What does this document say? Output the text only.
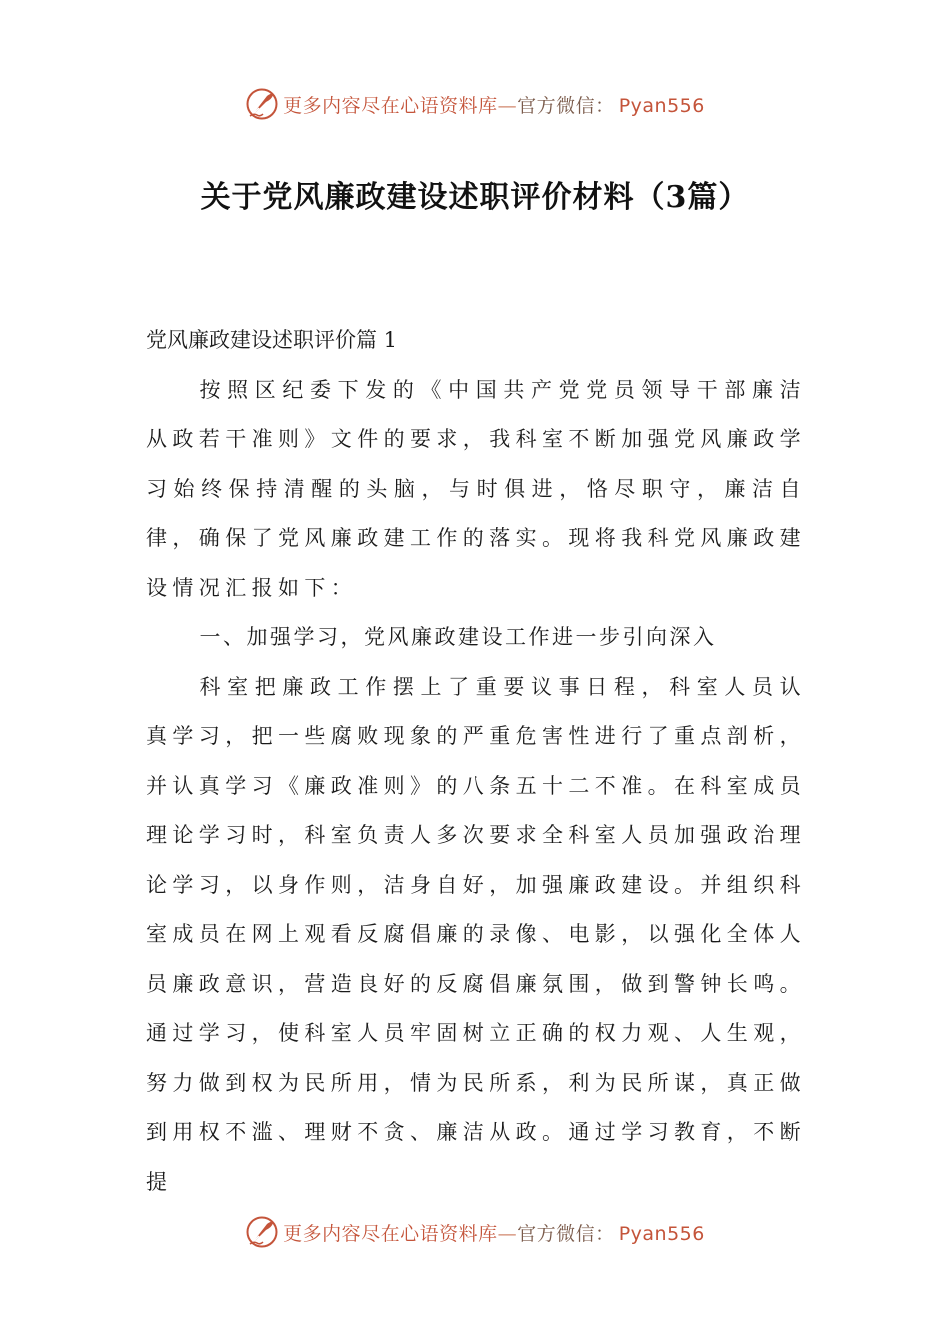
更多内容尽在心语资料库—官方微信： Pyan556
关于党风廉政建设述职评价材料（3篇）

党风廉政建设述职评价篇 1

按照区纪委下发的《中国共产党党员领导干部廉洁从政若干准则》文件的要求，我科室不断加强党风廉政学习始终保持清醒的头脑，与时俱进，恪尽职守，廉洁自律，确保了党风廉政建工作的落实。现将我科党风廉政建设情况汇报如下：

一、加强学习，党风廉政建设工作进一步引向深入

科室把廉政工作摆上了重要议事日程，科室人员认真学习，把一些腐败现象的严重危害性进行了重点剖析，并认真学习《廉政准则》的八条五十二不准。在科室成员理论学习时，科室负责人多次要求全科室人员加强政治理论学习，以身作则，洁身自好，加强廉政建设。并组织科室成员在网上观看反腐倡廉的录像、电影，以强化全体人员廉政意识，营造良好的反腐倡廉氛围，做到警钟长鸣。通过学习，使科室人员牢固树立正确的权力观、人生观，努力做到权为民所用，情为民所系，利为民所谋，真正做到用权不滥、理财不贪、廉洁从政。通过学习教育，不断提

更多内容尽在心语资料库—官方微信： Pyan556
